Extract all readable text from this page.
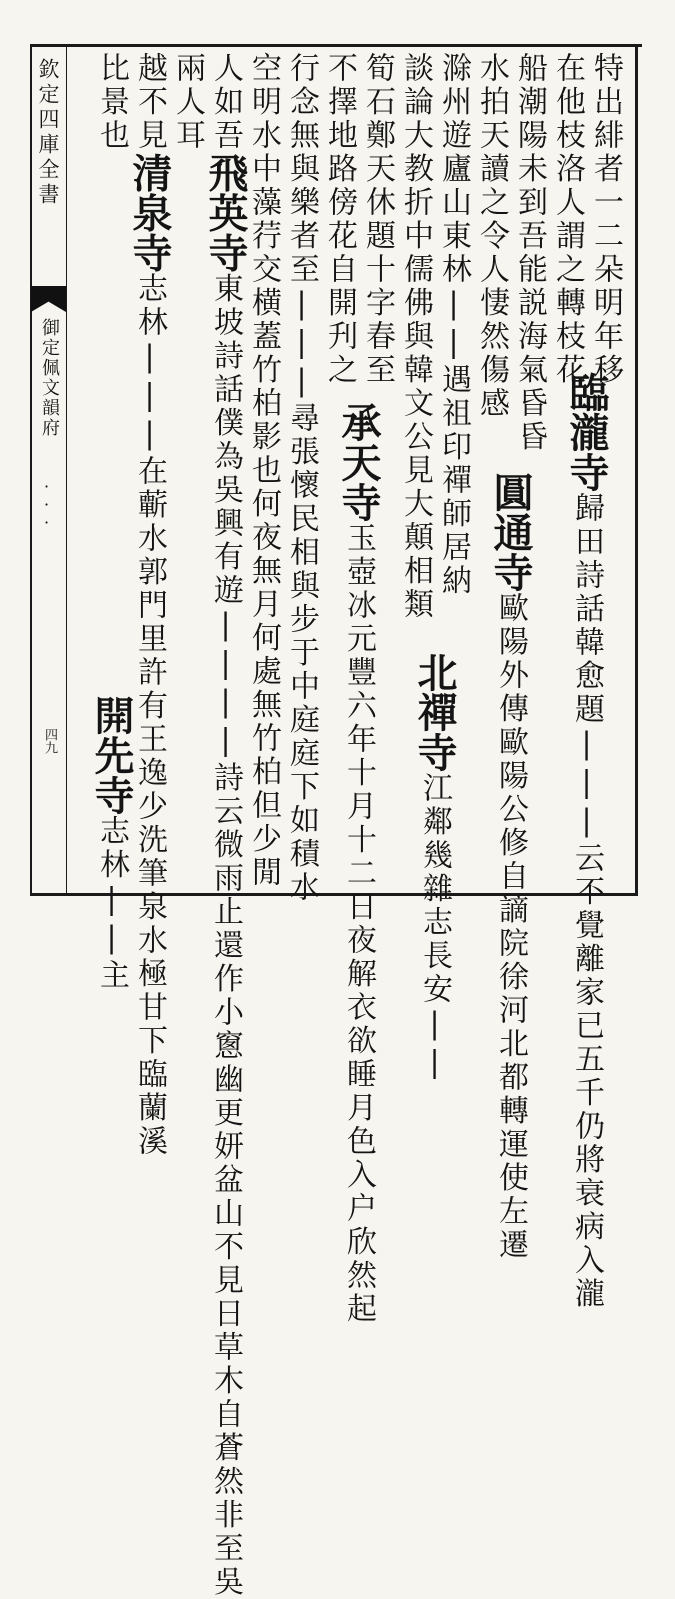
欽定四庫全書
御定佩文韻府
·
·
·
四九
特出緋者一二朵明年移
在他枝洛人謂之轉枝花
船潮陽未到吾能説海氣昏昏
水拍天讀之令人悽然傷感
滁州遊廬山東林||遇祖印禪師居納
談論大教折中儒佛與韓文公見大顛相類
筍石鄭天休題十字春至
不擇地路傍花自開刋之
行念無與樂者至|||尋張懷民相與步于中庭庭下如積水
空明水中藻荇交横蓋竹柏影也何夜無月何處無竹柏但少閒
人如吾飛英寺東坡詩話僕為吳興有遊||||詩云微雨止還作小窻幽更妍盆山不見日草木自蒼然非至吳
兩人耳
越不見清泉寺志林|||在蘄水郭門里許有王逸少洗筆泉水極甘下臨蘭溪
比景也
臨瀧寺歸田詩話韓愈題|||云不覺離家已五千仍將衰病入瀧
圓通寺歐陽外傳歐陽公修自謫院徐河北都轉運使左遷
承天寺玉壺冰元豐六年十月十二日夜解衣欲睡月色入户欣然起 北禪寺江鄰幾雜志長安||
開先寺志林||主
